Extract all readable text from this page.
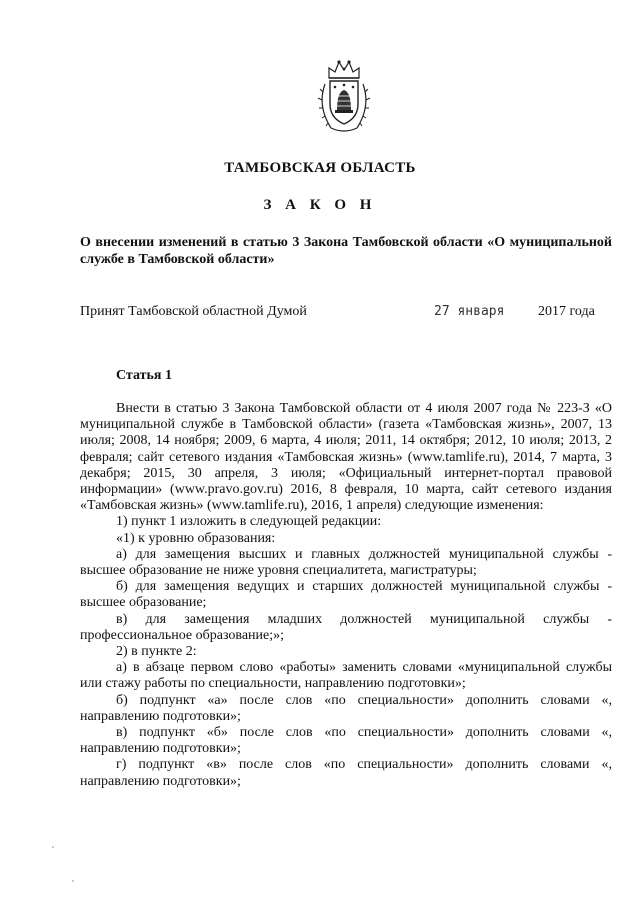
ТАМБОВСКАЯ ОБЛАСТЬ
З А К О Н
О внесении изменений в статью 3 Закона Тамбовской области «О муниципальной службе в Тамбовской области»
Принят Тамбовской областной Думой	27 января 2017 года
Статья 1

Внести в статью 3 Закона Тамбовской области от 4 июля 2007 года № 223-З «О муниципальной службе в Тамбовской области» (газета «Тамбовская жизнь», 2007, 13 июля; 2008, 14 ноября; 2009, 6 марта, 4 июля; 2011, 14 октября; 2012, 10 июля; 2013, 2 февраля; сайт сетевого издания «Тамбовская жизнь» (www.tamlife.ru), 2014, 7 марта, 3 декабря; 2015, 30 апреля, 3 июля; «Официальный интернет-портал правовой информации» (www.pravo.gov.ru) 2016, 8 февраля, 10 марта, сайт сетевого издания «Тамбовская жизнь» (www.tamlife.ru), 2016, 1 апреля) следующие изменения:

1) пункт 1 изложить в следующей редакции:

«1) к уровню образования:

а) для замещения высших и главных должностей муниципальной службы - высшее образование не ниже уровня специалитета, магистратуры;

б) для замещения ведущих и старших должностей муниципальной службы - высшее образование;

в) для замещения младших должностей муниципальной службы - профессиональное образование;»;

2) в пункте 2:

а) в абзаце первом слово «работы» заменить словами «муниципальной службы или стажу работы по специальности, направлению подготовки»;

б) подпункт «а» после слов «по специальности» дополнить словами «, направлению подготовки»;

в) подпункт «б» после слов «по специальности» дополнить словами «, направлению подготовки»;

г) подпункт «в» после слов «по специальности» дополнить словами «, направлению подготовки»;
